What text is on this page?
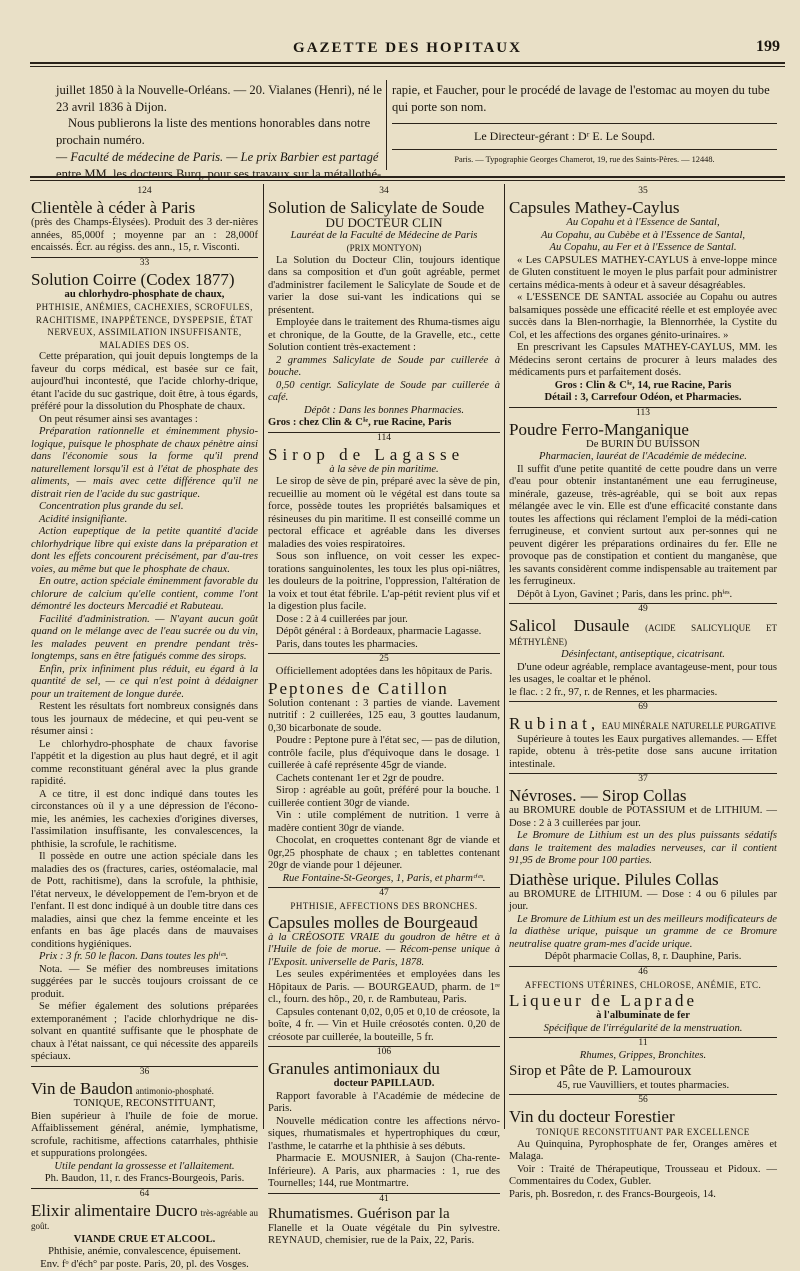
GAZETTE DES HOPITAUX	199

juillet 1850 à la Nouvelle-Orléans. — 20. Vialanes (Henri), né le

23 avril 1836 à Dijon.

Nous publierons la liste des mentions honorables dans notre

prochain numéro.

— Faculté de médecine de Paris. — Le prix Barbier est partagé

entre MM. les docteurs Burq, pour ses travaux sur la métallothé-

rapie, et Faucher, pour le procédé de lavage de l'estomac au moyen du tube qui porte son nom.

Le Directeur-gérant : Dʳ E. Le Soupd.

Paris. — Typographie Georges Chamerot, 19, rue des Saints-Pères. — 12448.

124

Clientèle à céder à Paris

(près des Champs-Élysées). Produit des 3 der-nières années, 85,000f ; moyenne par an : 28,000f encaissés. Écr. au régiss. des ann., 15, r. Visconti.

33

Solution Coirre (Codex 1877)

au chlorhydro-phosphate de chaux,

PHTHISIE, ANÉMIES, CACHEXIES, SCROFULES, RACHITISME, INAPPÉTENCE, DYSPEPSIE, ÉTAT NERVEUX, ASSIMILATION INSUFFISANTE, MALADIES DES OS.

Cette préparation, qui jouit depuis longtemps de la faveur du corps médical, est basée sur ce fait, aujourd'hui incontesté, que l'acide chlorhy-drique, étant l'acide du suc gastrique, doit être, à tous égards, préféré pour la dissolution du Phosphate de chaux.

On peut résumer ainsi ses avantages :

Préparation rationnelle et éminemment physio-logique, puisque le phosphate de chaux pénètre ainsi dans l'économie sous la forme qu'il prend naturellement lorsqu'il est à l'état de phosphate des aliments, — mais avec cette différence qu'il ne distrait rien de l'acide du suc gastrique.

Concentration plus grande du sel.

Acidité insignifiante.

Action eupeptique de la petite quantité d'acide chlorhydrique libre qui existe dans la préparation et dont les effets concourent précisément, par d'au-tres voies, au même but que le phosphate de chaux.

En outre, action spéciale éminemment favorable du chlorure de calcium qu'elle contient, comme l'ont démontré les docteurs Mercadié et Rabuteau.

Facilité d'administration. — N'ayant aucun goût quand on le mélange avec de l'eau sucrée ou du vin, les malades peuvent en prendre pendant très-longtemps, sans en être fatigués comme des sirops.

Enfin, prix infiniment plus réduit, eu égard à la quantité de sel, — ce qui n'est point à dédaigner pour un traitement de longue durée.

Restent les résultats fort nombreux consignés dans tous les journaux de médecine, et qui peu-vent se résumer ainsi :

Le chlorhydro-phosphate de chaux favorise l'appétit et la digestion au plus haut degré, et il agit comme reconstituant général avec la plus grande rapidité.

A ce titre, il est donc indiqué dans toutes les circonstances où il y a une dépression de l'écono-mie, les anémies, les cachexies d'origines diverses, l'assimilation insuffisante, les convalescences, la phthisie, la scrofule, le rachitisme.

Il possède en outre une action spéciale dans les maladies des os (fractures, caries, ostéomalacie, mal de Pott, rachitisme), dans la scrofule, la phthisie, l'état nerveux, le développement de l'em-bryon et de l'enfant. Il est donc indiqué à un double titre dans ces maladies, ainsi que chez la femme enceinte et les enfants en bas âge placés dans de mauvaises conditions hygiéniques.

Prix : 3 fr. 50 le flacon. Dans toutes les phⁱᵉˢ.

Nota. — Se méfier des nombreuses imitations suggérées par le succès toujours croissant de ce produit.

Se méfier également des solutions préparées extemporanément ; l'acide chlorhydrique ne dis-solvant en quantité suffisante que le phosphate de chaux à l'état naissant, ce qui nécessite des appareils spéciaux.

36

Vin de Baudon antimonio-phosphaté.

TONIQUE, RECONSTITUANT,

Bien supérieur à l'huile de foie de morue. Affaiblissement général, anémie, lymphatisme, scrofule, rachitisme, affections catarrhales, phthisie et suppurations prolongées.

Utile pendant la grossesse et l'allaitement.

Ph. Baudon, 11, r. des Francs-Bourgeois, Paris.

64

Elixir alimentaire Ducro très-agréable au goût.

VIANDE CRUE ET ALCOOL.

Phthisie, anémie, convalescence, épuisement.

Env. fᵒ d'éch° par poste. Paris, 20, pl. des Vosges.

34

Solution de Salicylate de Soude

DU DOCTEUR CLIN

Lauréat de la Faculté de Médecine de Paris

(PRIX MONTYON)

La Solution du Docteur Clin, toujours identique dans sa composition et d'un goût agréable, permet d'administrer facilement le Salicylate de Soude et de varier la dose sui-vant les indications qui se présentent.

Employée dans le traitement des Rhuma-tismes aigu et chronique, de la Goutte, de la Gravelle, etc., cette Solution contient très-exactement :

2 grammes Salicylate de Soude par cuillerée à bouche.

0,50 centigr. Salicylate de Soude par cuillerée à café.

Dépôt : Dans les bonnes Pharmacies.

Gros : chez Clin & Cⁱᵉ, rue Racine, Paris

114

Sirop de Lagasse

à la sève de pin maritime.

Le sirop de sève de pin, préparé avec la sève de pin, recueillie au moment où le végétal est dans toute sa force, possède toutes les propriétés balsamiques et résineuses du pin maritime. Il est conseillé comme un pectoral efficace et agréable dans les diverses maladies des voies respiratoires.

Sous son influence, on voit cesser les expec-torations sanguinolentes, les toux les plus opi-niâtres, les douleurs de la poitrine, l'oppression, l'altération de la voix et tout état fébrile. L'ap-pétit revient plus vif et la digestion plus facile.

Dose : 2 à 4 cuillerées par jour.

Dépôt général : à Bordeaux, pharmacie Lagasse.

Paris, dans toutes les pharmacies.

25

Officiellement adoptées dans les hôpitaux de Paris.

Peptones de Catillon

Solution contenant : 3 parties de viande. Lavement nutritif : 2 cuillerées, 125 eau, 3 gouttes laudanum, 0,30 bicarbonate de soude.

Poudre : Peptone pure à l'état sec, — pas de dilution, contrôle facile, plus d'équivoque dans le dosage. 1 cuillerée à café représente 45gr de viande.

Cachets contenant 1er et 2gr de poudre.

Sirop : agréable au goût, préféré pour la bouche. 1 cuillerée contient 30gr de viande.

Vin : utile complément de nutrition. 1 verre à madère contient 30gr de viande.

Chocolat, en croquettes contenant 8gr de viande et 0gr,25 phosphate de chaux ; en tablettes contenant 20gr de viande pour 1 déjeuner.

Rue Fontaine-St-Georges, 1, Paris, et pharmᶜⁱᵉˢ.

47

PHTHISIE, AFFECTIONS DES BRONCHES.

Capsules molles de Bourgeaud

à la CRÉOSOTE VRAIE du goudron de hêtre et à l'Huile de foie de morue. — Récom-pense unique à l'Exposit. universelle de Paris, 1878.

Les seules expérimentées et employées dans les Hôpitaux de Paris. — BOURGEAUD, pharm. de 1ʳᵉ cl., fourn. des hôp., 20, r. de Rambuteau, Paris.

Capsules contenant 0,02, 0,05 et 0,10 de créosote, la boîte, 4 fr. — Vin et Huile créosotés conten. 0,20 de créosote par cuillerée, la bouteille, 5 fr.

106

Granules antimoniaux du

docteur PAPILLAUD.

Rapport favorable à l'Académie de médecine de Paris.

Nouvelle médication contre les affections nérvo-siques, rhumatismales et hypertrophiques du cœur, l'asthme, le catarrhe et la phthisie à ses débuts.

Pharmacie E. MOUSNIER, à Saujon (Cha-rente-Inférieure). A Paris, aux pharmacies : 1, rue des Tournelles; 144, rue Montmartre.

41

Rhumatismes. Guérison par la

Flanelle et la Ouate végétale du Pin sylvestre. REYNAUD, chemisier, rue de la Paix, 22, Paris.

35

Capsules Mathey-Caylus

Au Copahu et à l'Essence de Santal,

Au Copahu, au Cubèbe et à l'Essence de Santal,

Au Copahu, au Fer et à l'Essence de Santal.

« Les CAPSULES MATHEY-CAYLUS à enve-loppe mince de Gluten constituent le moyen le plus parfait pour administrer certains médica-ments à odeur et à saveur désagréables.

« L'ESSENCE DE SANTAL associée au Copahu ou autres balsamiques possède une efficacité réelle et est employée avec succès dans la Blen-norrhagie, la Blennorrhée, la Cystite du Col, et les affections des organes génito-urinaires. »

En prescrivant les Capsules MATHEY-CAYLUS, MM. les Médecins seront certains de procurer à leurs malades des médicaments purs et parfaitement dosés.

Gros : Clin & Cⁱᵉ, 14, rue Racine, Paris

Détail : 3, Carrefour Odéon, et Pharmacies.

113

Poudre Ferro-Manganique

De BURIN DU BUISSON

Pharmacien, lauréat de l'Académie de médecine.

Il suffit d'une petite quantité de cette poudre dans un verre d'eau pour obtenir instantanément une eau ferrugineuse, minérale, gazeuse, très-agréable, qui se boit aux repas mélangée avec le vin. Elle est d'une efficacité constante dans toutes les affections qui réclament l'emploi de la médi-cation ferrugineuse, et convient surtout aux per-sonnes qui ne peuvent digérer les préparations ordinaires du fer. Elle ne provoque pas de constipation et contient du manganèse, que les savants considèrent comme indispensable au traitement par les ferrugineux.

Dépôt à Lyon, Gavinet ; Paris, dans les princ. phⁱᵉˢ.

49

Salicol Dusaule (ACIDE SALICYLIQUE ET MÉTHYLÈNE)

Désinfectant, antiseptique, cicatrisant.

D'une odeur agréable, remplace avantageuse-ment, pour tous les usages, le coaltar et le phénol.

le flac. : 2 fr., 97, r. de Rennes, et les pharmacies.

69

Rubinat, EAU MINÉRALE NATURELLE PURGATIVE

Supérieure à toutes les Eaux purgatives allemandes. — Effet rapide, obtenu à très-petite dose sans aucune irritation intestinale.

37

Névroses. — Sirop Collas

au BROMURE double de POTASSIUM et de LITHIUM. — Dose : 2 à 3 cuillerées par jour.

Le Bromure de Lithium est un des plus puissants sédatifs dans le traitement des maladies nerveuses, car il contient 91,95 de Brome pour 100 parties.

Diathèse urique. Pilules Collas

au BROMURE de LITHIUM. — Dose : 4 ou 6 pilules par jour.

Le Bromure de Lithium est un des meilleurs modificateurs de la diathèse urique, puisque un gramme de ce Bromure neutralise quatre gram-mes d'acide urique.

Dépôt pharmacie Collas, 8, r. Dauphine, Paris.

46

AFFECTIONS UTÉRINES, CHLOROSE, ANÉMIE, ETC.

Liqueur de Laprade

à l'albuminate de fer

Spécifique de l'irrégularité de la menstruation.

11

Rhumes, Grippes, Bronchites.

Sirop et Pâte de P. Lamouroux

45, rue Vauvilliers, et toutes pharmacies.

56

Vin du docteur Forestier

TONIQUE RECONSTITUANT PAR EXCELLENCE

Au Quinquina, Pyrophosphate de fer, Oranges amères et Malaga.

Voir : Traité de Thérapeutique, Trousseau et Pidoux. — Commentaires du Codex, Gubler.

Paris, ph. Bosredon, r. des Francs-Bourgeois, 14.
